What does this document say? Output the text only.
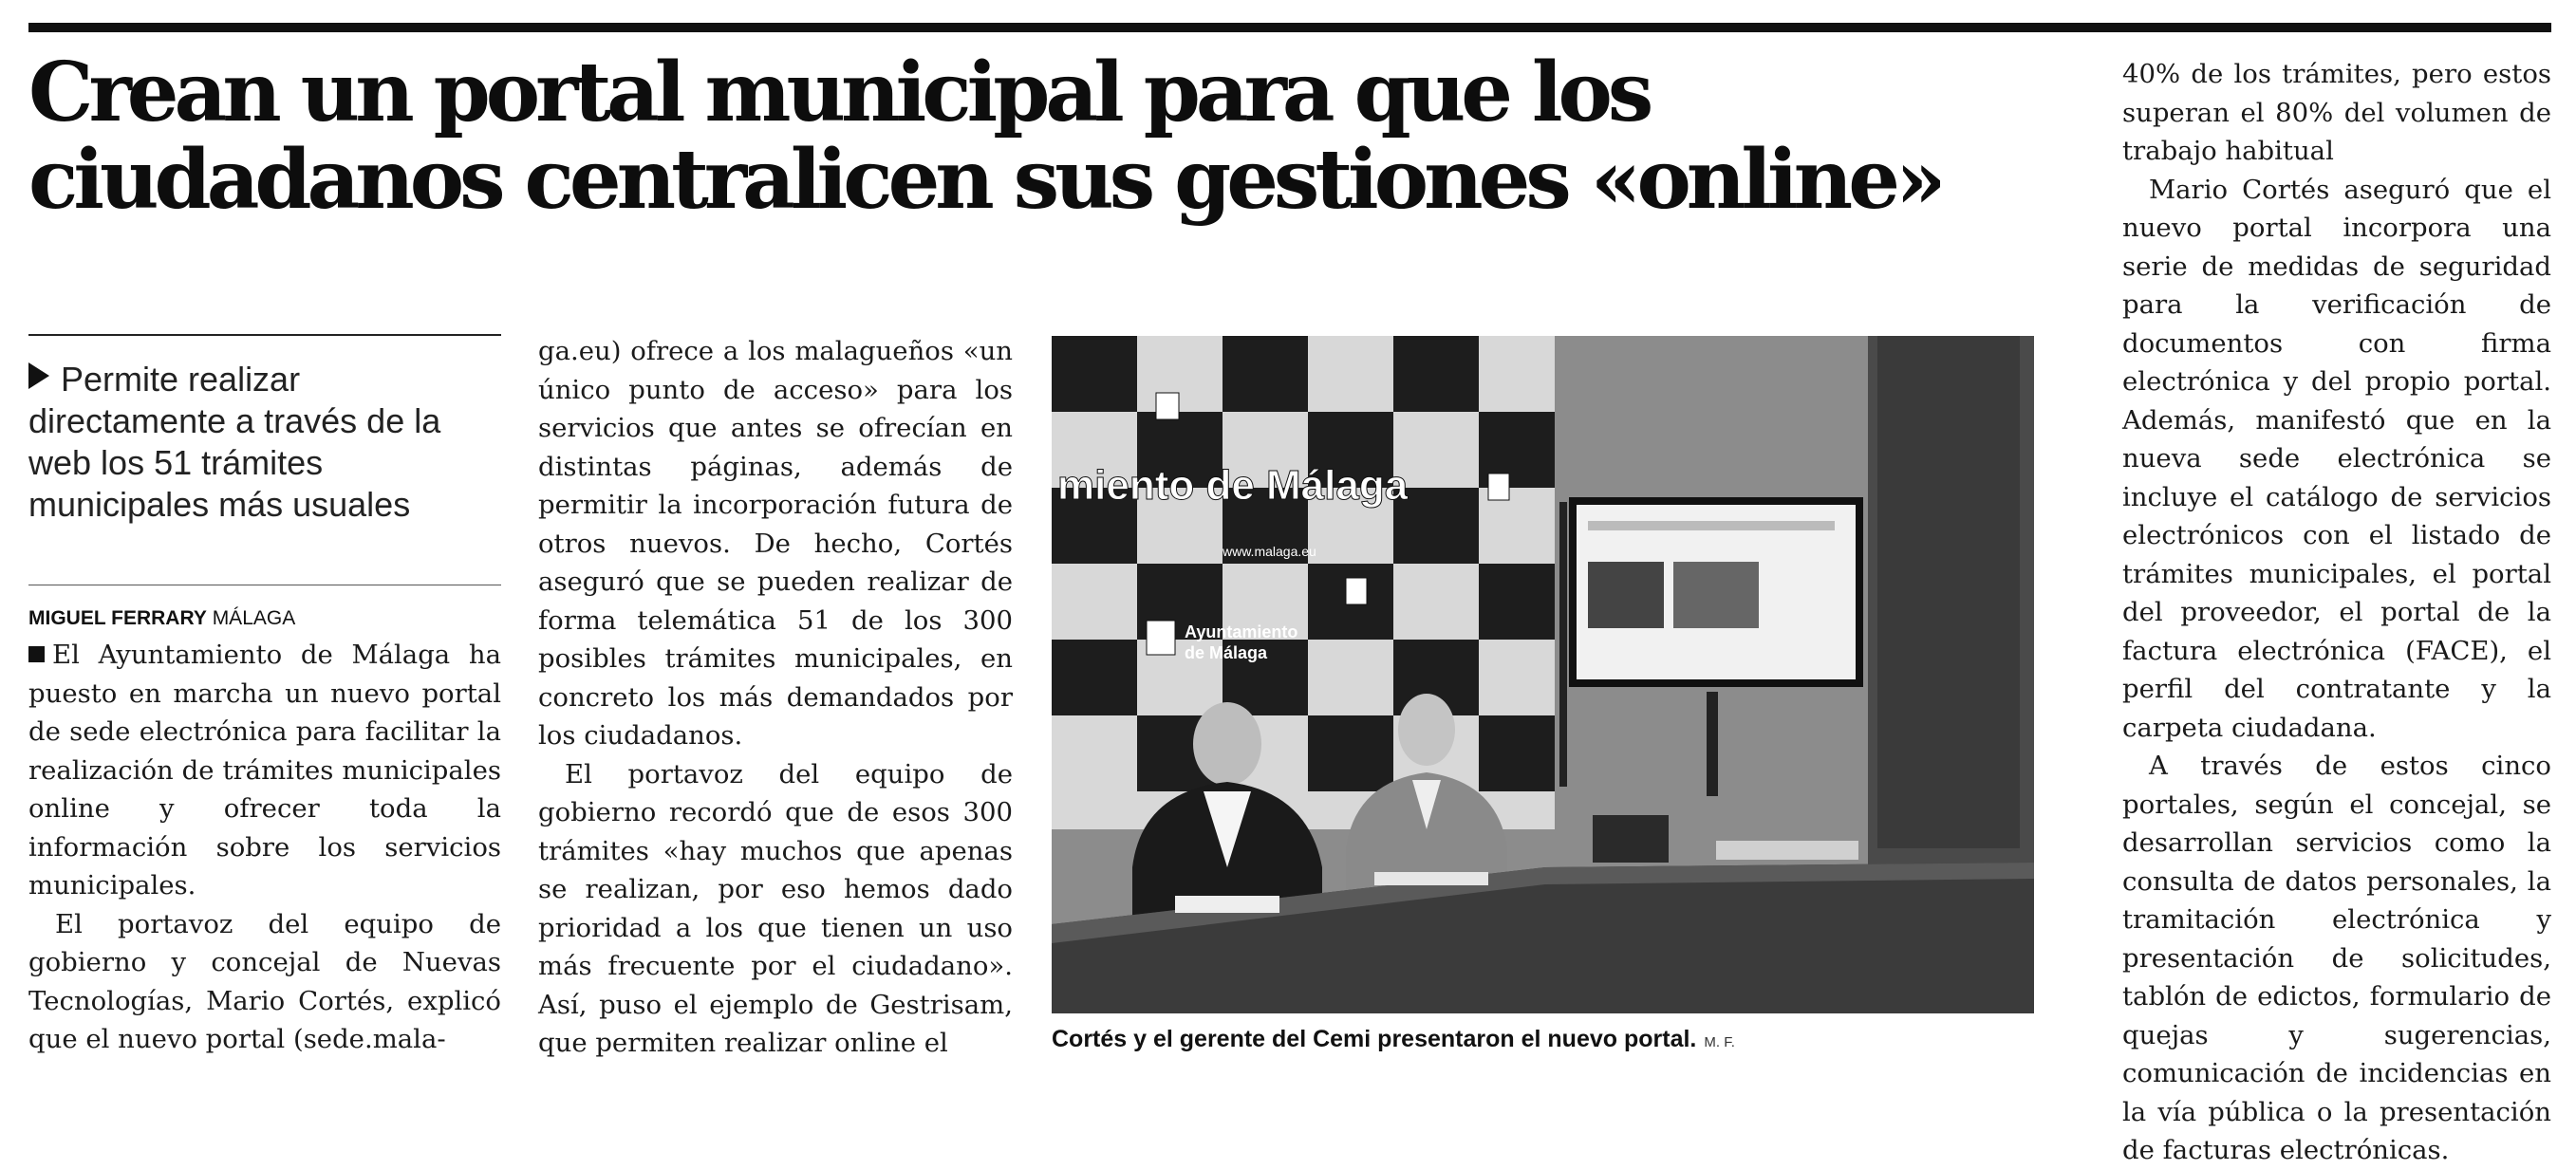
Crean un portal municipal para que los
ciudadanos centralicen sus gestiones «online»

Permite realizar directamente a través de la web los 51 trámites municipales más usuales

MIGUEL FERRARY MÁLAGA

El Ayuntamiento de Málaga ha puesto en marcha un nuevo portal de sede electrónica para facilitar la realización de trámites municipales online y ofrecer toda la información sobre los servicios municipales.

El portavoz del equipo de gobierno y concejal de Nuevas Tecnologías, Mario Cortés, explicó que el nuevo portal (sede.mala-

ga.eu) ofrece a los malagueños «un único punto de acceso» para los servicios que antes se ofrecían en distintas páginas, además de permitir la incorporación futura de otros nuevos. De hecho, Cortés aseguró que se pueden realizar de forma telemática 51 de los 300 posibles trámites municipales, en concreto los más demandados por los ciudadanos.

El portavoz del equipo de gobierno recordó que de esos 300 trámites «hay muchos que apenas se realizan, por eso hemos dado prioridad a los que tienen un uso más frecuente por el ciudadano». Así, puso el ejemplo de Gestrisam, que permiten realizar online el

miento de Málaga
www.malaga.eu
Ayuntamiento
de Málaga

Cortés y el gerente del Cemi presentaron el nuevo portal. M. F.

40% de los trámites, pero estos superan el 80% del volumen de trabajo habitual

Mario Cortés aseguró que el nuevo portal incorpora una serie de medidas de seguridad para la verificación de documentos con firma electrónica y del propio portal. Además, manifestó que en la nueva sede electrónica se incluye el catálogo de servicios electrónicos con el listado de trámites municipales, el portal del proveedor, el portal de la factura electrónica (FACE), el perfil del contratante y la carpeta ciudadana.

A través de estos cinco portales, según el concejal, se desarrollan servicios como la consulta de datos personales, la tramitación electrónica y presentación de solicitudes, tablón de edictos, formulario de quejas y sugerencias, comunicación de incidencias en la vía pública o la presentación de facturas electrónicas.
